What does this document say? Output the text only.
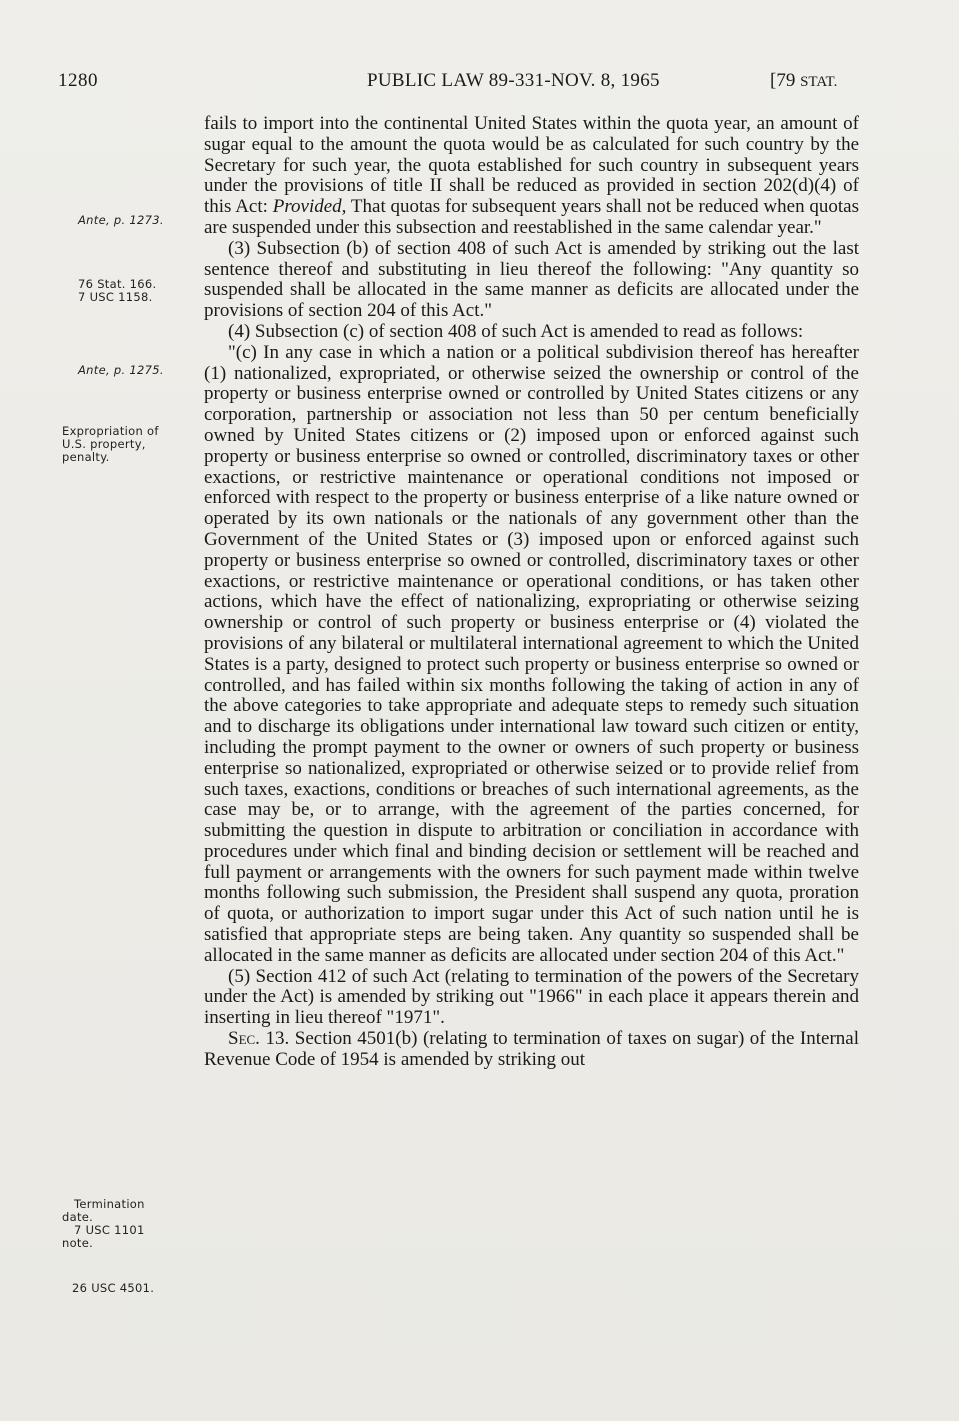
1280	PUBLIC LAW 89-331-NOV. 8, 1965	[79 STAT.
Ante, p. 1273.
76 Stat. 166.
7 USC 1158.
Ante, p. 1275.
Expropriation of
U.S. property,
penalty.
Termination
date.
7 USC 1101
note.
26 USC 4501.

fails to import into the continental United States within the quota year, an amount of sugar equal to the amount the quota would be as calculated for such country by the Secretary for such year, the quota established for such country in subsequent years under the provisions of title II shall be reduced as provided in section 202(d)(4) of this Act: Provided, That quotas for subsequent years shall not be reduced when quotas are suspended under this subsection and reestablished in the same calendar year."

(3) Subsection (b) of section 408 of such Act is amended by striking out the last sentence thereof and substituting in lieu thereof the following: "Any quantity so suspended shall be allocated in the same manner as deficits are allocated under the provisions of section 204 of this Act."

(4) Subsection (c) of section 408 of such Act is amended to read as follows:

"(c) In any case in which a nation or a political subdivision thereof has hereafter (1) nationalized, expropriated, or otherwise seized the ownership or control of the property or business enterprise owned or controlled by United States citizens or any corporation, partnership or association not less than 50 per centum beneficially owned by United States citizens or (2) imposed upon or enforced against such property or business enterprise so owned or controlled, discriminatory taxes or other exactions, or restrictive maintenance or operational conditions not imposed or enforced with respect to the property or business enterprise of a like nature owned or operated by its own nationals or the nationals of any government other than the Government of the United States or (3) imposed upon or enforced against such property or business enterprise so owned or controlled, discriminatory taxes or other exactions, or restrictive maintenance or operational conditions, or has taken other actions, which have the effect of nationalizing, expropriating or otherwise seizing ownership or control of such property or business enterprise or (4) violated the provisions of any bilateral or multilateral international agreement to which the United States is a party, designed to protect such property or business enterprise so owned or controlled, and has failed within six months following the taking of action in any of the above categories to take appropriate and adequate steps to remedy such situation and to discharge its obligations under international law toward such citizen or entity, including the prompt payment to the owner or owners of such property or business enterprise so nationalized, expropriated or otherwise seized or to provide relief from such taxes, exactions, conditions or breaches of such international agreements, as the case may be, or to arrange, with the agreement of the parties concerned, for submitting the question in dispute to arbitration or conciliation in accordance with procedures under which final and binding decision or settlement will be reached and full payment or arrangements with the owners for such payment made within twelve months following such submission, the President shall suspend any quota, proration of quota, or authorization to import sugar under this Act of such nation until he is satisfied that appropriate steps are being taken. Any quantity so suspended shall be allocated in the same manner as deficits are allocated under section 204 of this Act."

(5) Section 412 of such Act (relating to termination of the powers of the Secretary under the Act) is amended by striking out "1966" in each place it appears therein and inserting in lieu thereof "1971".

Sec. 13. Section 4501(b) (relating to termination of taxes on sugar) of the Internal Revenue Code of 1954 is amended by striking out
